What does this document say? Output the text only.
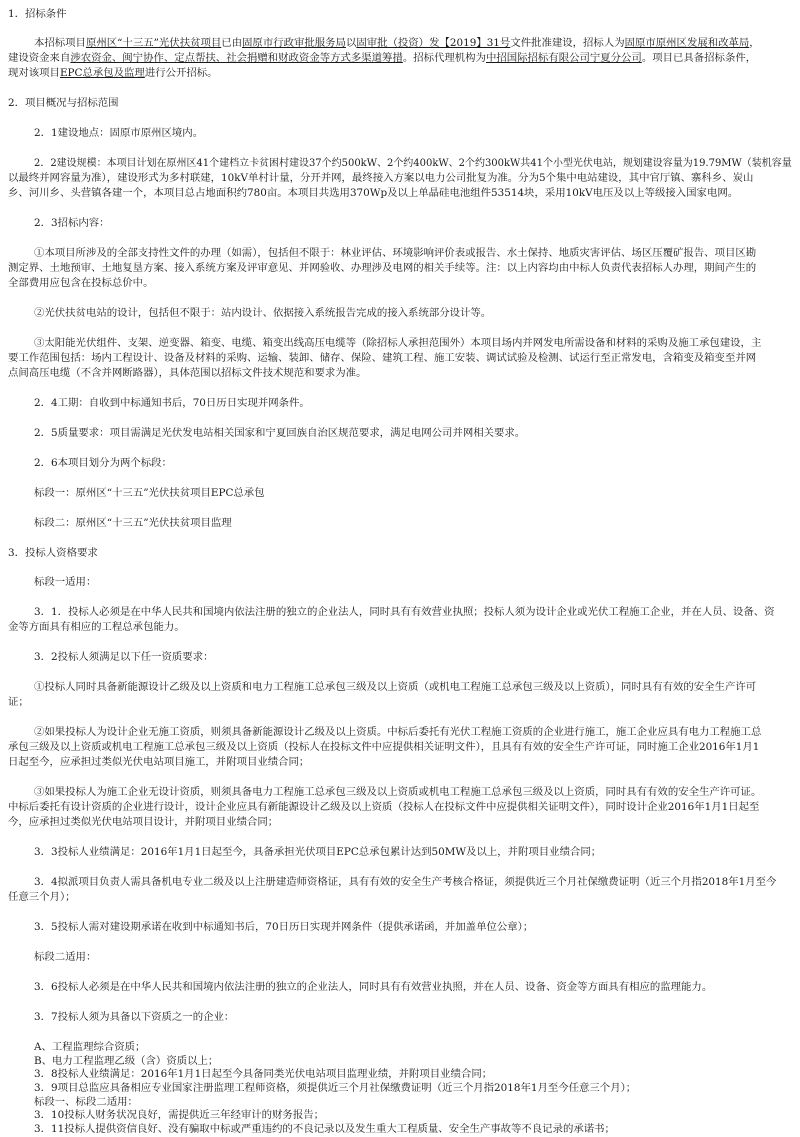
1．招标条件

本招标项目原州区“十三五”光伏扶贫项目已由固原市行政审批服务局以固审批（投资）发【2019】31号文件批准建设，招标人为固原市原州区发展和改革局，

建设资金来自涉农资金、闽宁协作、定点帮扶、社会捐赠和财政资金等方式多渠道筹措。招标代理机构为中招国际招标有限公司宁夏分公司。项目已具备招标条件，

现对该项目EPC总承包及监理进行公开招标。

2．项目概况与招标范围

2．1建设地点：固原市原州区境内。

2．2建设规模：本项目计划在原州区41个建档立卡贫困村建设37个约500kW、2个约400kW、2个约300kW共41个小型光伏电站，规划建设容量为19.79MW（装机容量

以最终并网容量为准），建设形式为多村联建，10kV单村计量，分开并网，最终接入方案以电力公司批复为准。分为5个集中电站建设，其中官厅镇、寨科乡、炭山

乡、河川乡、头营镇各建一个，本项目总占地面积约780亩。本项目共选用370Wp及以上单晶硅电池组件53514块，采用10kV电压及以上等级接入国家电网。

2．3招标内容：

①本项目所涉及的全部支持性文件的办理（如需），包括但不限于：林业评估、环境影响评价表或报告、水土保持、地质灾害评估、场区压覆矿报告、项目区勘

测定界、土地预审、土地复垦方案、接入系统方案及评审意见、并网验收、办理涉及电网的相关手续等。注：以上内容均由中标人负责代表招标人办理，期间产生的

全部费用应包含在投标总价中。

②光伏扶贫电站的设计，包括但不限于：站内设计、依据接入系统报告完成的接入系统部分设计等。

③太阳能光伏组件、支架、逆变器、箱变、电缆、箱变出线高压电缆等（除招标人承担范围外）本项目场内并网发电所需设备和材料的采购及施工承包建设，主

要工作范围包括：场内工程设计、设备及材料的采购、运输、装卸、储存、保险、建筑工程、施工安装、调试试验及检测、试运行至正常发电，含箱变及箱变至并网

点间高压电缆（不含并网断路器），具体范围以招标文件技术规范和要求为准。

2．4工期：自收到中标通知书后，70日历日实现并网条件。

2．5质量要求：项目需满足光伏发电站相关国家和宁夏回族自治区规范要求，满足电网公司并网相关要求。

2．6本项目划分为两个标段：

标段一：原州区“十三五”光伏扶贫项目EPC总承包

标段二：原州区“十三五”光伏扶贫项目监理

3．投标人资格要求

标段一适用：

3．1．投标人必须是在中华人民共和国境内依法注册的独立的企业法人，同时具有有效营业执照；投标人须为设计企业或光伏工程施工企业，并在人员、设备、资

金等方面具有相应的工程总承包能力。

3．2投标人须满足以下任一资质要求：

①投标人同时具备新能源设计乙级及以上资质和电力工程施工总承包三级及以上资质（或机电工程施工总承包三级及以上资质），同时具有有效的安全生产许可

证；

②如果投标人为设计企业无施工资质，则须具备新能源设计乙级及以上资质。中标后委托有光伏工程施工资质的企业进行施工，施工企业应具有电力工程施工总

承包三级及以上资质或机电工程施工总承包三级及以上资质（投标人在投标文件中应提供相关证明文件），且具有有效的安全生产许可证，同时施工企业2016年1月1

日起至今，应承担过类似光伏电站项目施工，并附项目业绩合同；

③如果投标人为施工企业无设计资质，则须具备电力工程施工总承包三级及以上资质或机电工程施工总承包三级及以上资质，同时具有有效的安全生产许可证。

中标后委托有设计资质的企业进行设计，设计企业应具有新能源设计乙级及以上资质（投标人在投标文件中应提供相关证明文件），同时设计企业2016年1月1日起至

今，应承担过类似光伏电站项目设计，并附项目业绩合同；

3．3投标人业绩满足：2016年1月1日起至今，具备承担光伏项目EPC总承包累计达到50MW及以上，并附项目业绩合同；

3．4拟派项目负责人需具备机电专业二级及以上注册建造师资格证，具有有效的安全生产考核合格证，须提供近三个月社保缴费证明（近三个月指2018年1月至今

任意三个月）；

3．5投标人需对建设期承诺在收到中标通知书后，70日历日实现并网条件（提供承诺函，并加盖单位公章）；

标段二适用：

3．6投标人必须是在中华人民共和国境内依法注册的独立的企业法人，同时具有有效营业执照，并在人员、设备、资金等方面具有相应的监理能力。

3．7投标人须为具备以下资质之一的企业：

A、工程监理综合资质；

B、电力工程监理乙级（含）资质以上；

3．8投标人业绩满足：2016年1月1日起至今具备同类光伏电站项目监理业绩，并附项目业绩合同；

3．9项目总监应具备相应专业国家注册监理工程师资格，须提供近三个月社保缴费证明（近三个月指2018年1月至今任意三个月）；

标段一、标段二适用：

3．10投标人财务状况良好，需提供近三年经审计的财务报告；

3．11投标人提供资信良好、没有骗取中标或严重违约的不良记录以及发生重大工程质量、安全生产事故等不良记录的承诺书；
